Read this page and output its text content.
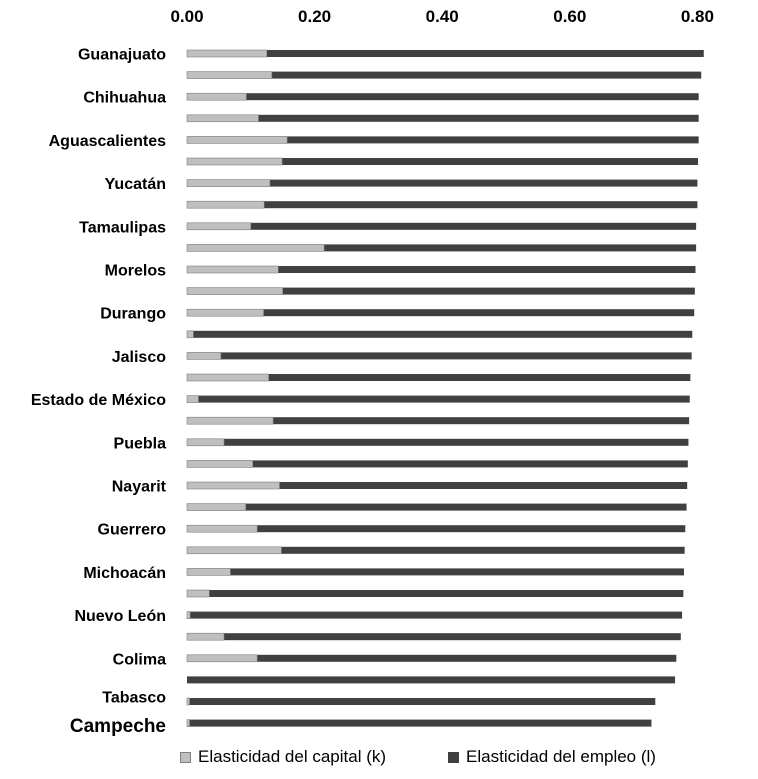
0.00	0.20	0.40	0.60	0.80
Guanajuato
Chihuahua
Aguascalientes
Yucatán
Tamaulipas
Morelos
Durango
Jalisco
Estado de México
Puebla
Nayarit
Guerrero
Michoacán
Nuevo León
Colima
Tabasco
Campeche
Elasticidad del capital (k)	Elasticidad del empleo (l)
